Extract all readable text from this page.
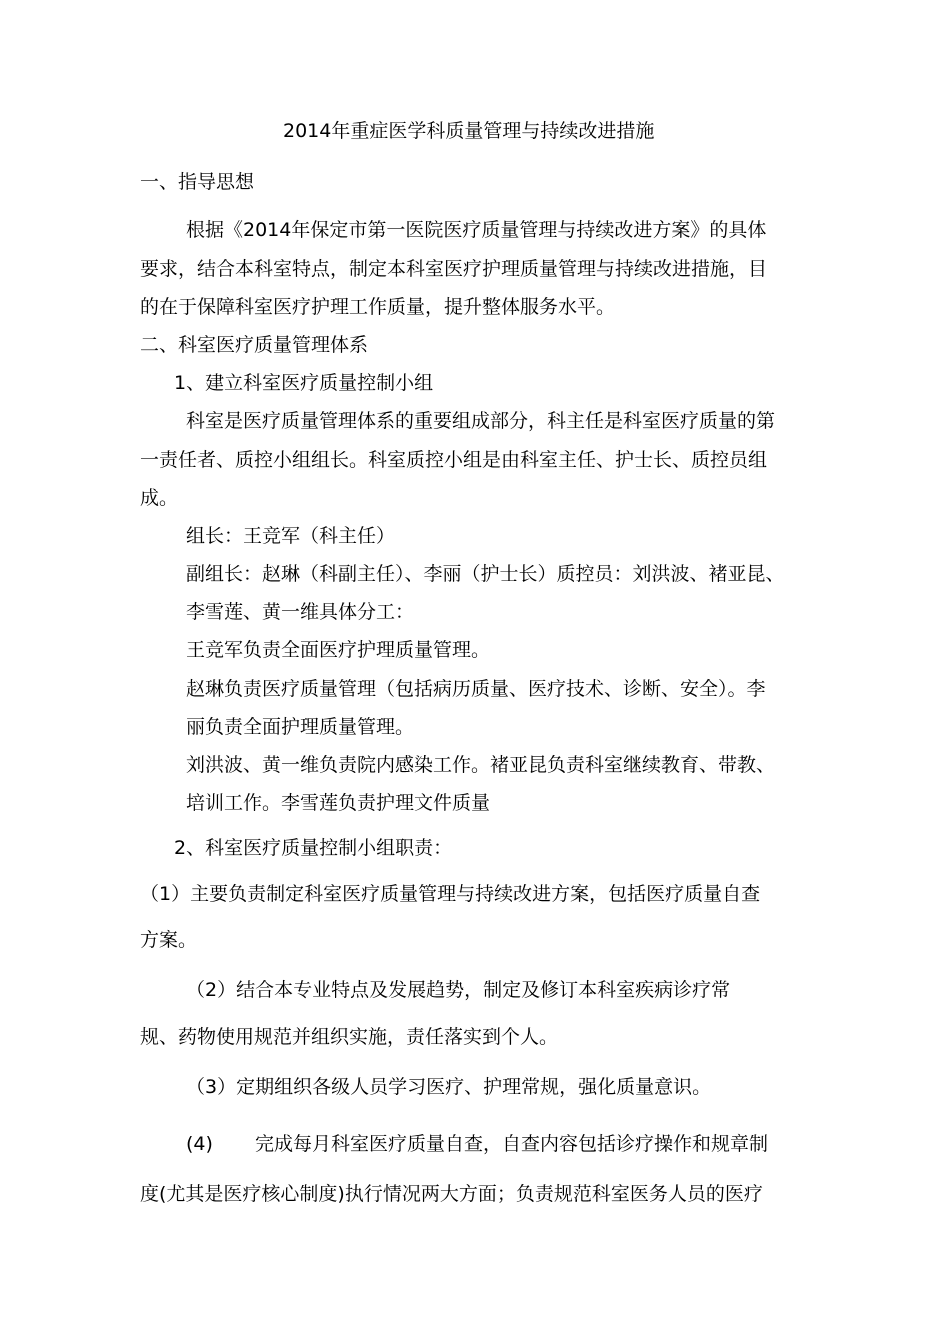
2014年重症医学科质量管理与持续改进措施

一、指导思想

根据《2014年保定市第一医院医疗质量管理与持续改进方案》的具体

要求，结合本科室特点，制定本科室医疗护理质量管理与持续改进措施，目

的在于保障科室医疗护理工作质量，提升整体服务水平。

二、科室医疗质量管理体系

1、建立科室医疗质量控制小组

科室是医疗质量管理体系的重要组成部分，科主任是科室医疗质量的第

一责任者、质控小组组长。科室质控小组是由科室主任、护士长、质控员组

成。

组长：王竞军（科主任）

副组长：赵琳（科副主任）、李丽（护士长）质控员：刘洪波、褚亚昆、

李雪莲、黄一维具体分工：

王竞军负责全面医疗护理质量管理。

赵琳负责医疗质量管理（包括病历质量、医疗技术、诊断、安全）。李

丽负责全面护理质量管理。

刘洪波、黄一维负责院内感染工作。褚亚昆负责科室继续教育、带教、

培训工作。李雪莲负责护理文件质量

2、科室医疗质量控制小组职责：

（1）主要负责制定科室医疗质量管理与持续改进方案，包括医疗质量自查

方案。

（2）结合本专业特点及发展趋势，制定及修订本科室疾病诊疗常

规、药物使用规范并组织实施，责任落实到个人。

（3）定期组织各级人员学习医疗、护理常规，强化质量意识。

(4) 完成每月科室医疗质量自查，自查内容包括诊疗操作和规章制

度(尤其是医疗核心制度)执行情况两大方面；负责规范科室医务人员的医疗
